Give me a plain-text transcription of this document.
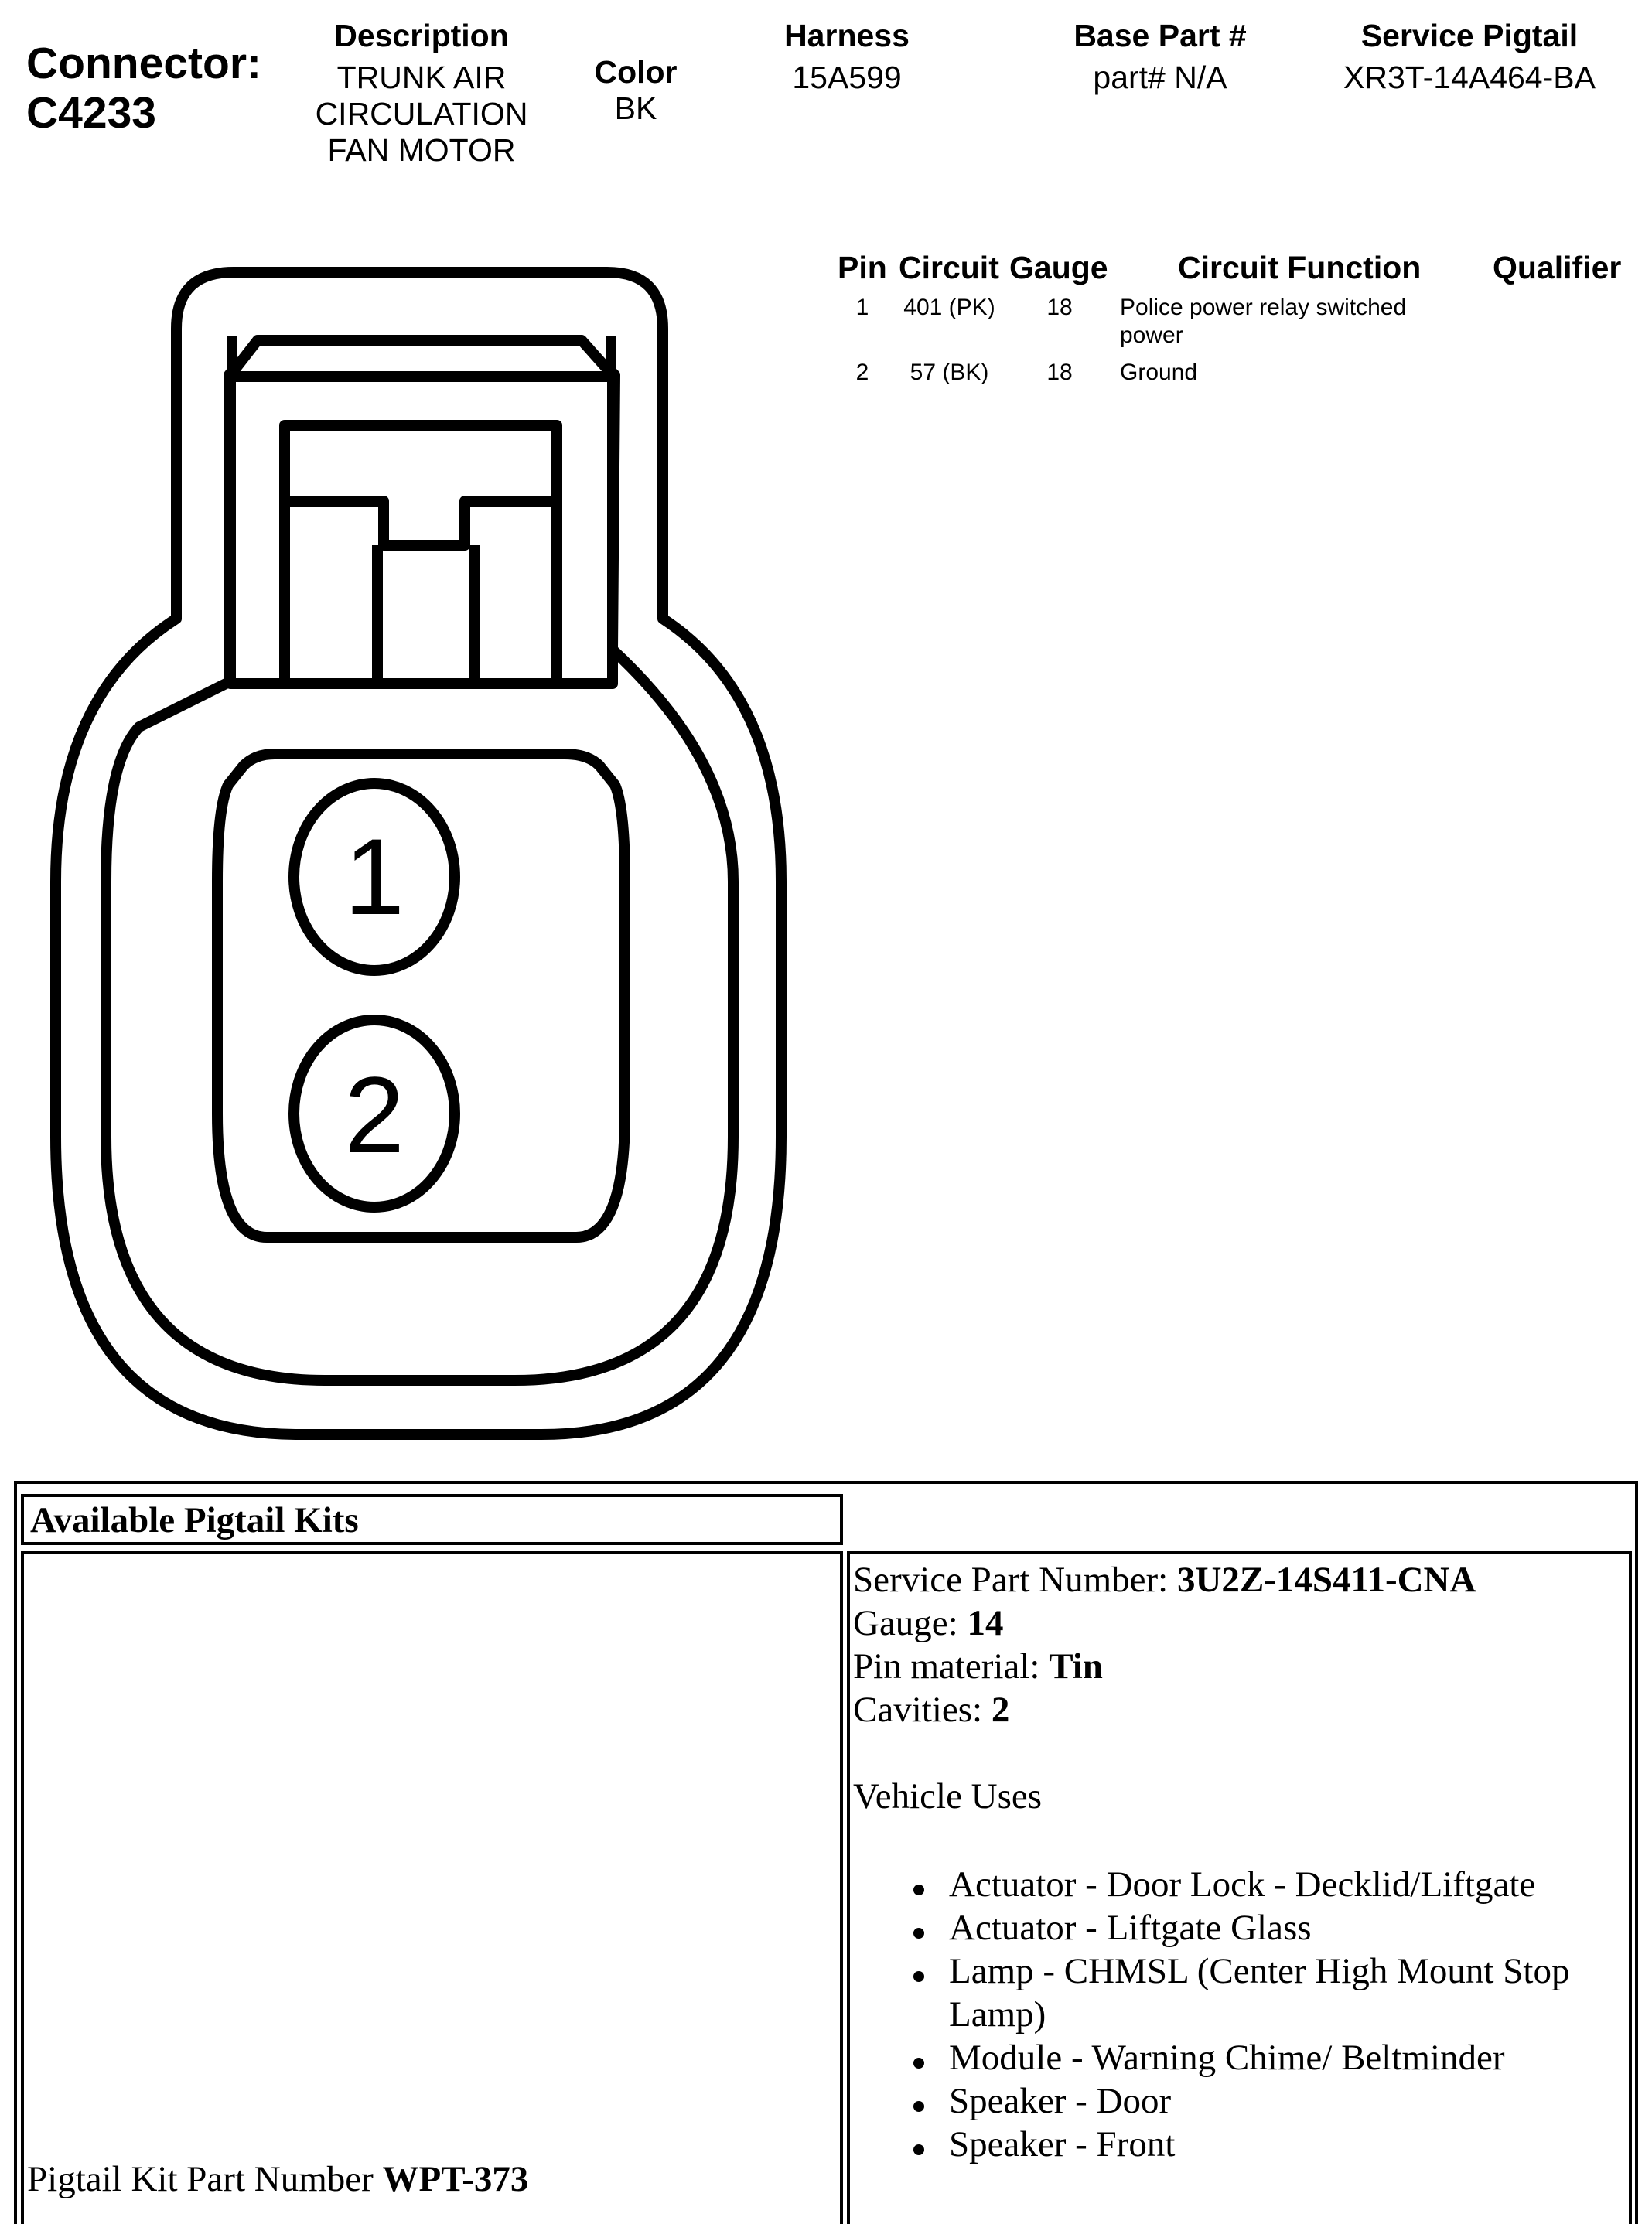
Connector:
C4233
Description
TRUNK AIR
CIRCULATION
FAN MOTOR
Color
BK
Harness
15A599
Base Part #
part# N/A
Service Pigtail
XR3T-14A464-BA
Pin Circuit Gauge Circuit Function Qualifier
1	401 (PK)	18	Police power relay switched
power
2	57 (BK)	18	Ground
1
2
Available Pigtail Kits
Pigtail Kit Part Number WPT-373
Service Part Number: 3U2Z-14S411-CNA
Gauge: 14
Pin material: Tin
Cavities: 2
Vehicle Uses
Actuator - Door Lock - Decklid/Liftgate
Actuator - Liftgate Glass
Lamp - CHMSL (Center High Mount Stop Lamp)
Module - Warning Chime/ Beltminder
Speaker - Door
Speaker - Front
